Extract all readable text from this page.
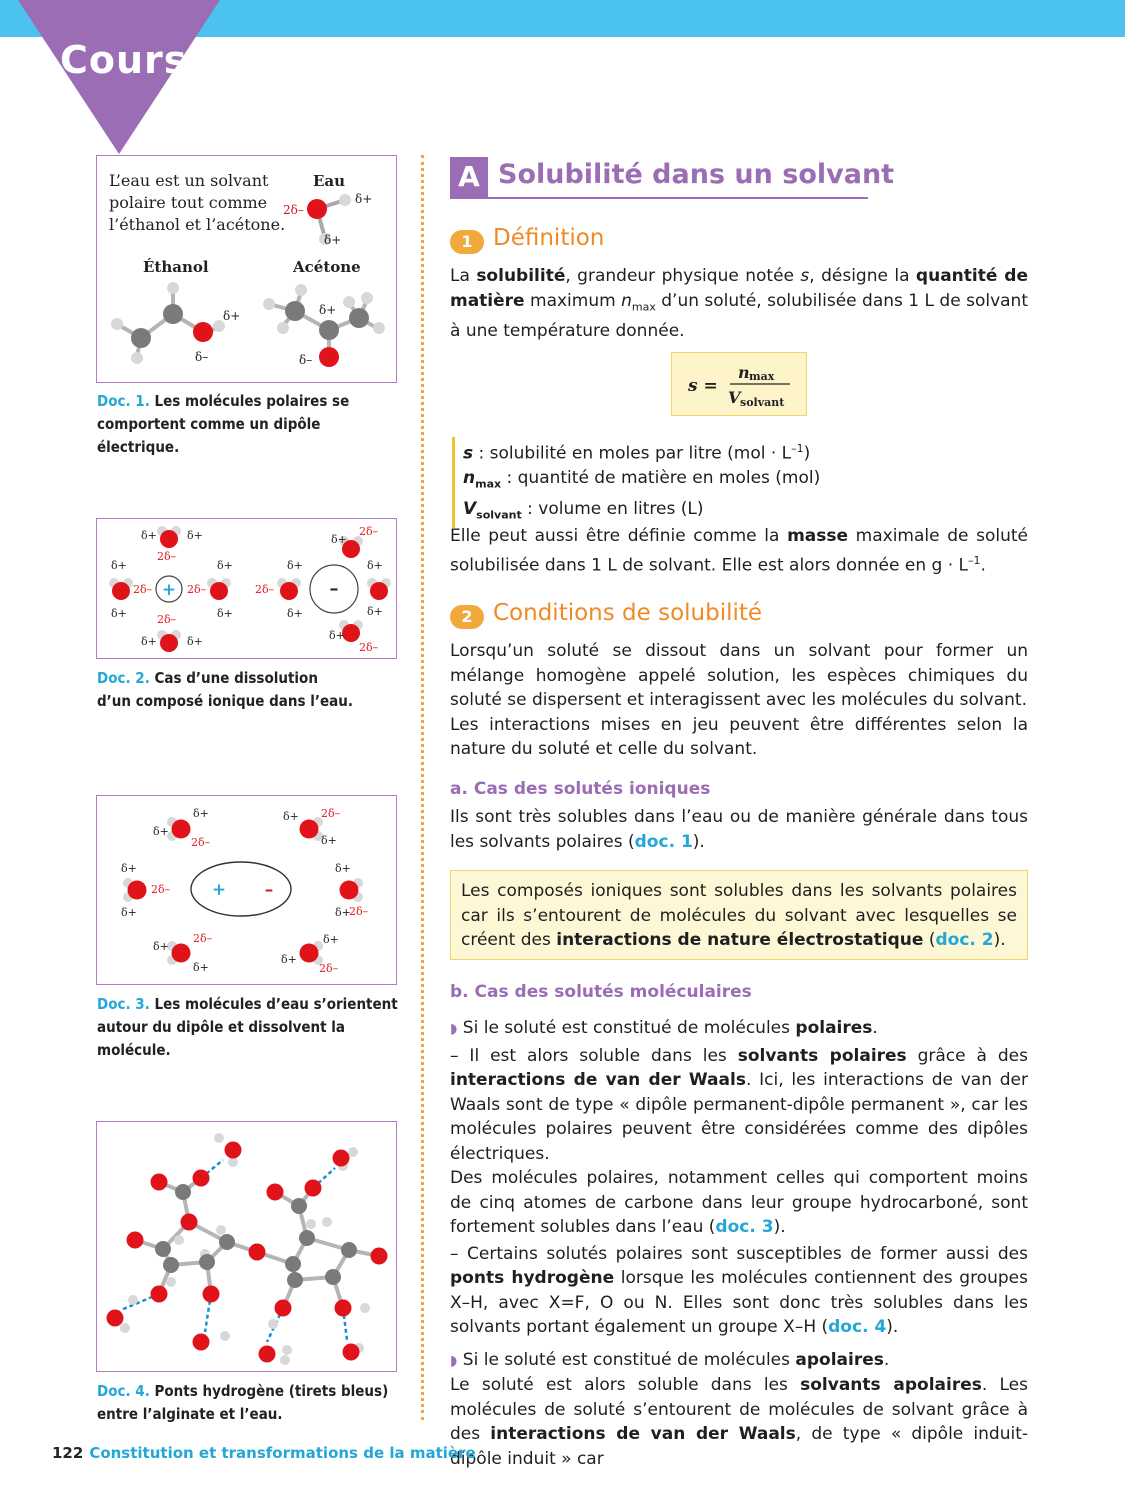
Cours
L’eau est un solvant
polaire tout comme
l’éthanol et l’acétone.
Eau
2δ–
δ+
δ+
Éthanol	Acétone
δ+
δ–
δ+
δ–
Doc. 1. Les molécules polaires se
comportent comme un dipôle électrique.
+
2δ–
2δ–
2δ–	2δ–
δ+	δ+
δ+	δ+
δ+
δ+
δ+
δ+
–
2δ–
2δ–
2δ–
δ+
δ+
δ+
δ+
δ+
δ+
Doc. 2. Cas d’une dissolution
d’un composé ionique dans l’eau.
+ –
δ+
δ+
2δ–
δ+
δ+
2δ–
δ+
δ+
2δ–
δ+ 2δ–
δ+
δ+
δ+
2δ–
δ+
δ+
2δ–
Doc. 3. Les molécules d’eau s’orientent
autour du dipôle et dissolvent la molécule.
Doc. 4. Ponts hydrogène (tirets bleus)
entre l’alginate et l’eau.
A Solubilité dans un solvant
1 Définition

La solubilité, grandeur physique notée s, désigne la quantité de matière maximum $n_{max}$ d’un soluté, solubilisée dans 1 L de solvant à une température donnée.

s =
n max
V solvant
s : solubilité en moles par litre $(mol \cdot L^{-1})$
$n_{max}$ : quantité de matière en moles (mol)
$V_{solvant}$ : volume en litres (L)

Elle peut aussi être définie comme la masse maximale de soluté solubilisée dans 1 L de solvant. Elle est alors donnée en $g \cdot L^{-1}$.

2 Conditions de solubilité

Lorsqu’un soluté se dissout dans un solvant pour former un mélange homogène appelé solution, les espèces chimiques du soluté se dispersent et interagissent avec les molécules du solvant.

Les interactions mises en jeu peuvent être différentes selon la nature du soluté et celle du solvant.

a. Cas des solutés ioniques

Ils sont très solubles dans l’eau ou de manière générale dans tous les solvants polaires (doc. 1).

Les composés ioniques sont solubles dans les solvants polaires car ils s’entourent de molécules du solvant avec lesquelles se créent des interactions de nature électrostatique (doc. 2).
b. Cas des solutés moléculaires

◗ Si le soluté est constitué de molécules polaires.

– Il est alors soluble dans les solvants polaires grâce à des interactions de van der Waals. Ici, les interactions de van der Waals sont de type « dipôle permanent-dipôle permanent », car les molécules polaires peuvent être considérées comme des dipôles électriques.

Des molécules polaires, notamment celles qui comportent moins de cinq atomes de carbone dans leur groupe hydrocarboné, sont fortement solubles dans l’eau (doc. 3).

– Certains solutés polaires sont susceptibles de former aussi des ponts hydrogène lorsque les molécules contiennent des groupes X–H, avec X=F, O ou N. Elles sont donc très solubles dans les solvants portant également un groupe X–H (doc. 4).

◗ Si le soluté est constitué de molécules apolaires.

Le soluté est alors soluble dans les solvants apolaires. Les molécules de soluté s’entourent de molécules de solvant grâce à des interactions de van der Waals, de type « dipôle induit-dipôle induit » car

122 Constitution et transformations de la matière
